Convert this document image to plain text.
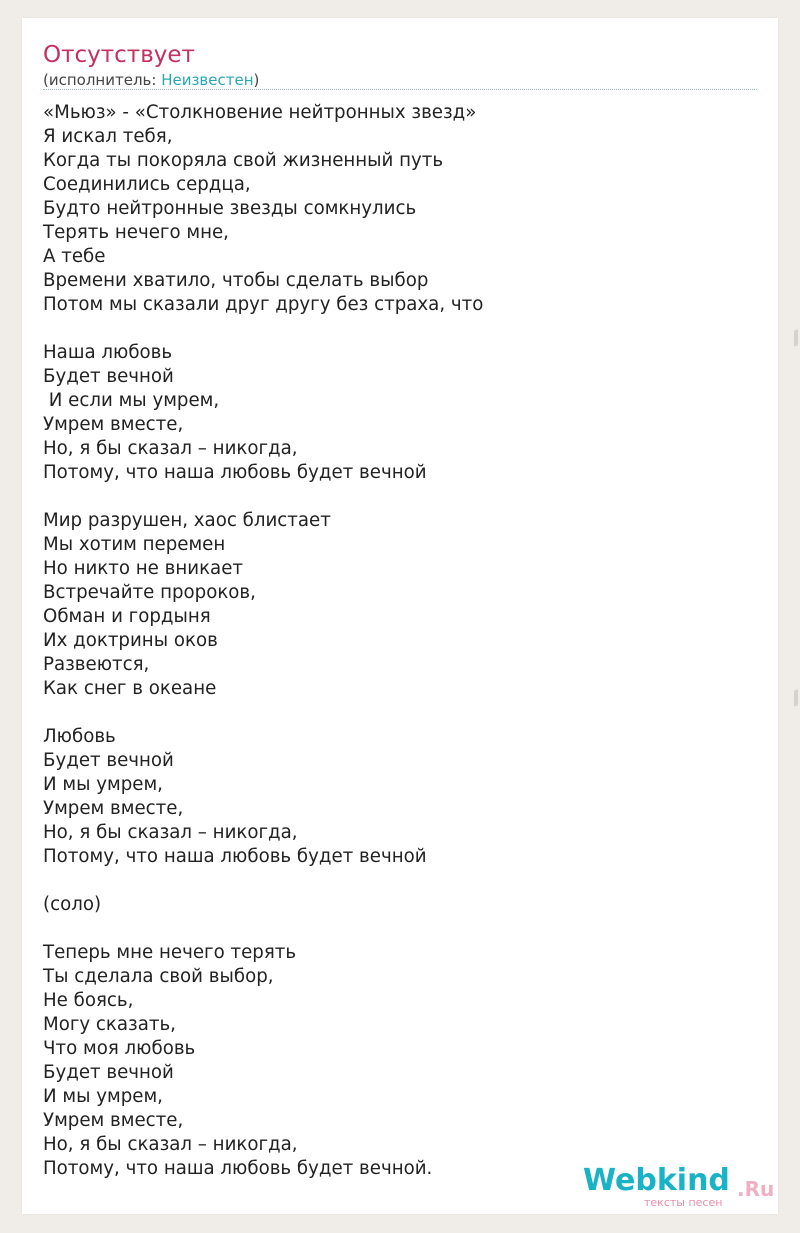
Отсутствует
(исполнитель: Неизвестен)
«Мьюз» - «Столкновение нейтронных звезд»
Я искал тебя,
Когда ты покоряла свой жизненный путь
Соединились сердца,
Будто нейтронные звезды сомкнулись
Терять нечего мне,
А тебе
Времени хватило, чтобы сделать выбор
Потом мы сказали друг другу без страха, что

Наша любовь
Будет вечной
И если мы умрем,
Умрем вместе,
Но, я бы сказал – никогда,
Потому, что наша любовь будет вечной

Мир разрушен, хаос блистает
Мы хотим перемен
Но никто не вникает
Встречайте пророков,
Обман и гордыня
Их доктрины оков
Развеются,
Как снег в океане

Любовь
Будет вечной
И мы умрем,
Умрем вместе,
Но, я бы сказал – никогда,
Потому, что наша любовь будет вечной

(соло)

Теперь мне нечего терять
Ты сделала свой выбор,
Не боясь,
Могу сказать,
Что моя любовь
Будет вечной
И мы умрем,
Умрем вместе,
Но, я бы сказал – никогда,
Потому, что наша любовь будет вечной.	Webkind .Ru
тексты песен
